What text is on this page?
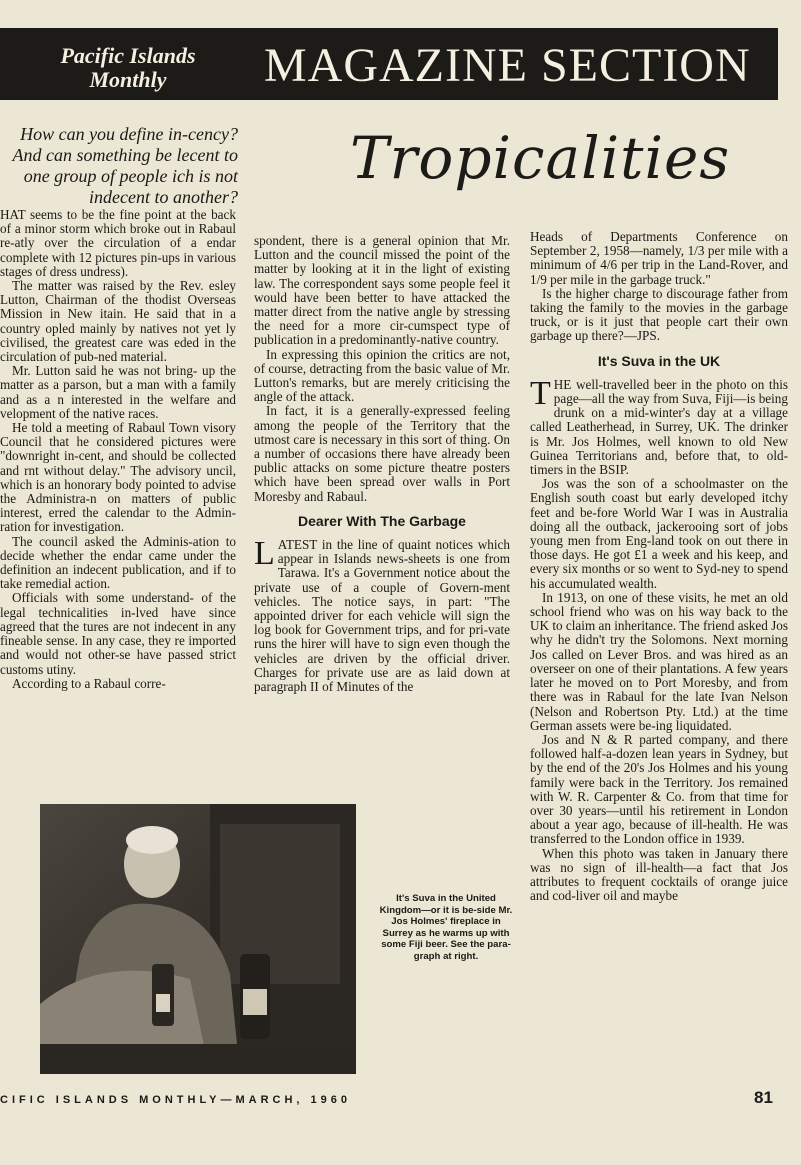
Pacific Islands Monthly	MAGAZINE SECTION
Tropicalities
How can you define in-cency? And can something be lecent to one group of people ich is not indecent to another?

HAT seems to be the fine point at the back of a minor storm which broke out in Rabaul re-atly over the circulation of a endar complete with 12 pictures pin-ups in various stages of dress undress).

The matter was raised by the Rev. esley Lutton, Chairman of the thodist Overseas Mission in New itain. He said that in a country opled mainly by natives not yet ly civilised, the greatest care was eded in the circulation of pub-ned material.

Mr. Lutton said he was not bring- up the matter as a parson, but a man with a family and as a n interested in the welfare and velopment of the native races.

He told a meeting of Rabaul Town visory Council that he considered pictures were "downright in-cent, and should be collected and rnt without delay." The advisory uncil, which is an honorary body pointed to advise the Administra-n on matters of public interest, erred the calendar to the Admin-ration for investigation.

The council asked the Adminis-ation to decide whether the endar came under the definition an indecent publication, and if to take remedial action.

Officials with some understand- of the legal technicalities in-lved have since agreed that the tures are not indecent in any fineable sense. In any case, they re imported and would not other-se have passed strict customs utiny.

According to a Rabaul corre-

spondent, there is a general opinion that Mr. Lutton and the council missed the point of the matter by looking at it in the light of existing law. The correspondent says some people feel it would have been better to have attacked the matter direct from the native angle by stressing the need for a more cir-cumspect type of publication in a predominantly-native country.

In expressing this opinion the critics are not, of course, detracting from the basic value of Mr. Lutton's remarks, but are merely criticising the angle of the attack.

In fact, it is a generally-expressed feeling among the people of the Territory that the utmost care is necessary in this sort of thing. On a number of occasions there have already been public attacks on some picture theatre posters which have been spread over walls in Port Moresby and Rabaul.

Dearer With The Garbage

LATEST in the line of quaint notices which appear in Islands news-sheets is one from Tarawa. It's a Government notice about the private use of a couple of Govern-ment vehicles. The notice says, in part: "The appointed driver for each vehicle will sign the log book for Government trips, and for pri-vate runs the hirer will have to sign even though the vehicles are driven by the official driver. Charges for private use are as laid down at paragraph II of Minutes of the

Heads of Departments Conference on September 2, 1958—namely, 1/3 per mile with a minimum of 4/6 per trip in the Land-Rover, and 1/9 per mile in the garbage truck."

Is the higher charge to discourage father from taking the family to the movies in the garbage truck, or is it just that people cart their own garbage up there?—JPS.

It's Suva in the UK

THE well-travelled beer in the photo on this page—all the way from Suva, Fiji—is being drunk on a mid-winter's day at a village called Leatherhead, in Surrey, UK. The drinker is Mr. Jos Holmes, well known to old New Guinea Territorians and, before that, to old-timers in the BSIP.

Jos was the son of a schoolmaster on the English south coast but early developed itchy feet and be-fore World War I was in Australia doing all the outback, jackerooing sort of jobs young men from Eng-land took on out there in those days. He got £1 a week and his keep, and every six months or so went to Syd-ney to spend his accumulated wealth.

In 1913, on one of these visits, he met an old school friend who was on his way back to the UK to claim an inheritance. The friend asked Jos why he didn't try the Solomons. Next morning Jos called on Lever Bros. and was hired as an overseer on one of their plantations. A few years later he moved on to Port Moresby, and from there was in Rabaul for the late Ivan Nelson (Nelson and Robertson Pty. Ltd.) at the time German assets were be-ing liquidated.

Jos and N & R parted company, and there followed half-a-dozen lean years in Sydney, but by the end of the 20's Jos Holmes and his young family were back in the Territory. Jos remained with W. R. Carpenter & Co. from that time for over 30 years—until his retirement in London about a year ago, because of ill-health. He was transferred to the London office in 1939.

When this photo was taken in January there was no sign of ill-health—a fact that Jos attributes to frequent cocktails of orange juice and cod-liver oil and maybe

It's Suva in the United Kingdom—or it is be-side Mr. Jos Holmes' fireplace in Surrey as he warms up with some Fiji beer. See the para-graph at right.
CIFIC ISLANDS MONTHLY—MARCH, 1960	81
